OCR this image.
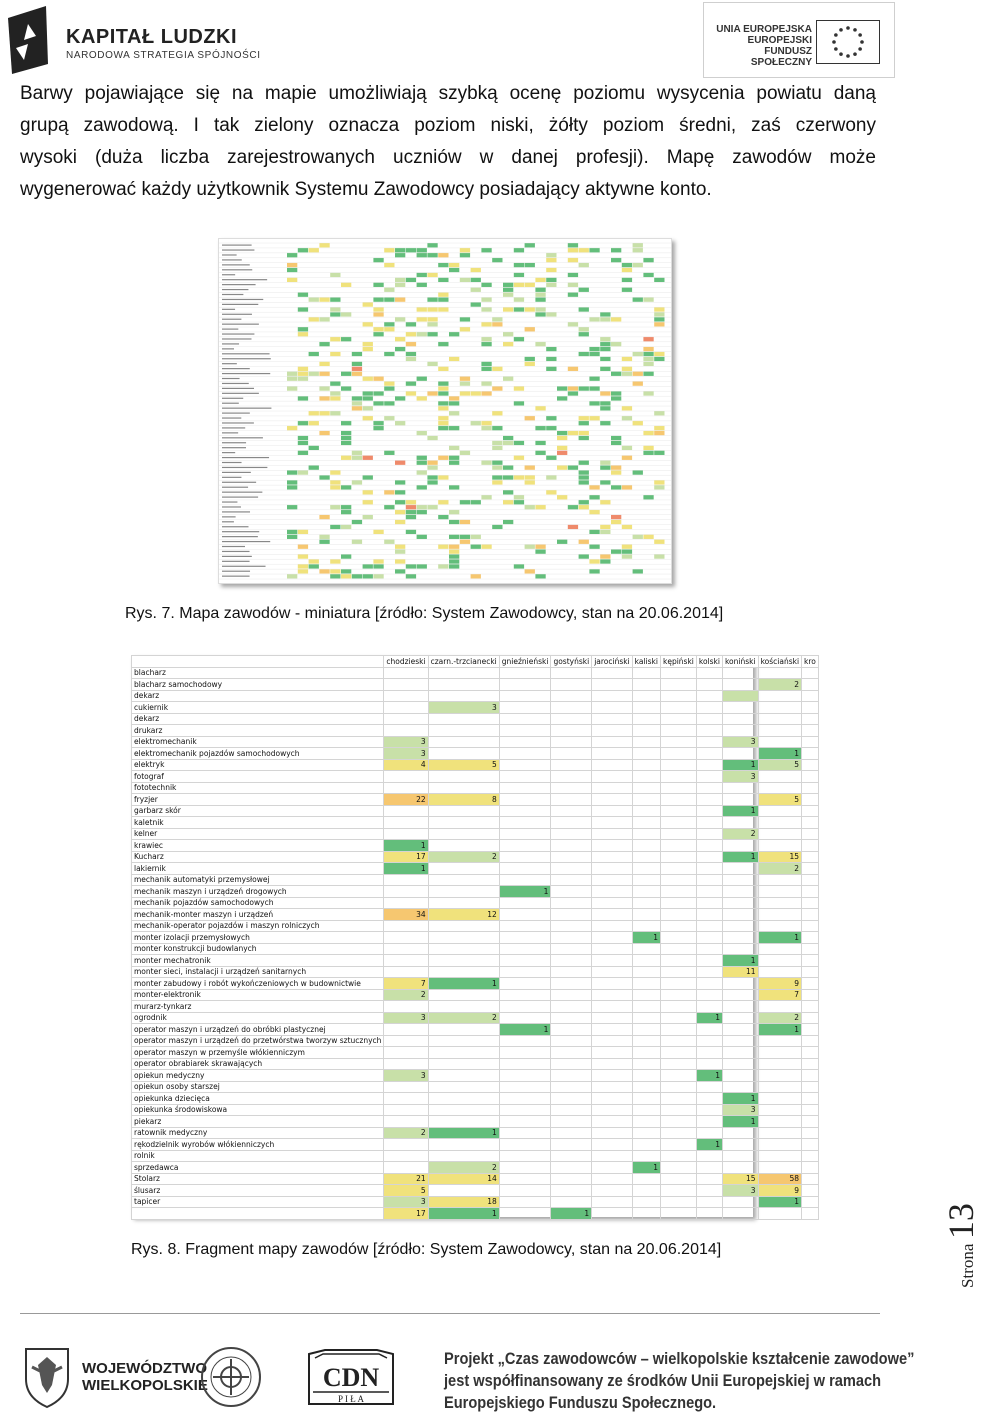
KAPITAŁ LUDZKI
NARODOWA STRATEGIA SPÓJNOŚCI
UNIA EUROPEJSKA
EUROPEJSKI
FUNDUSZ SPOŁECZNY
Barwy pojawiające się na mapie umożliwiają szybką ocenę poziomu wysycenia powiatu daną
grupą zawodową. I tak zielony oznacza poziom niski, żółty poziom średni, zaś czerwony
wysoki (duża liczba zarejestrowanych uczniów w danej profesji). Mapę zawodów może
wygenerować każdy użytkownik Systemu Zawodowcy posiadający aktywne konto.
Rys. 7. Mapa zawodów - miniatura [źródło: System Zawodowcy, stan na 20.06.2014]
	chodzieski	czarn.-trzcianecki	gnieźnieński	gostyński	jarociński	kaliski	kępiński	kolski	koniński	kościański	kro
blacharz											
blacharz samochodowy										2	
dekarz											
cukiernik		3									
dekarz											
drukarz											
elektromechanik	3								3		
elektromechanik pojazdów samochodowych	3									1	
elektryk	4	5							1	5	
fotograf									3		
fototechnik											
fryzjer	22	8								5	
garbarz skór									1		
kaletnik											
kelner									2		
krawiec	1										
Kucharz	17	2							1	15	
lakiernik	1									2	
mechanik automatyki przemysłowej											
mechanik maszyn i urządzeń drogowych			1								
mechanik pojazdów samochodowych											
mechanik-monter maszyn i urządzeń	34	12									
mechanik-operator pojazdów i maszyn rolniczych											
monter izolacji przemysłowych						1				1	
monter konstrukcji budowlanych											
monter mechatronik									1		
monter sieci, instalacji i urządzeń sanitarnych									11		
monter zabudowy i robót wykończeniowych w budownictwie	7	1								9	
monter-elektronik	2									7	
murarz-tynkarz											
ogrodnik	3	2						1		2	
operator maszyn i urządzeń do obróbki plastycznej			1							1	
operator maszyn i urządzeń do przetwórstwa tworzyw sztucznych											
operator maszyn w przemyśle włókienniczym											
operator obrabiarek skrawających											
opiekun medyczny	3							1			
opiekun osoby starszej											
opiekunka dziecięca									1		
opiekunka środowiskowa									3		
piekarz									1		
ratownik medyczny	2	1									
rękodzielnik wyrobów włókienniczych								1			
rolnik											
sprzedawca		2				1					
Stolarz	21	14							15	58	
ślusarz	5								3	9	
tapicer	3	18								1	
	17	1		1							
Rys. 8. Fragment mapy zawodów [źródło: System Zawodowcy, stan na 20.06.2014]	Strona 13
WOJEWÓDZTWO
WIELKOPOLSKIE	CDN
P I Ł A
Projekt „Czas zawodowców – wielkopolskie kształcenie zawodowe”
jest współfinansowany ze środków Unii Europejskiej w ramach
Europejskiego Funduszu Społecznego.
